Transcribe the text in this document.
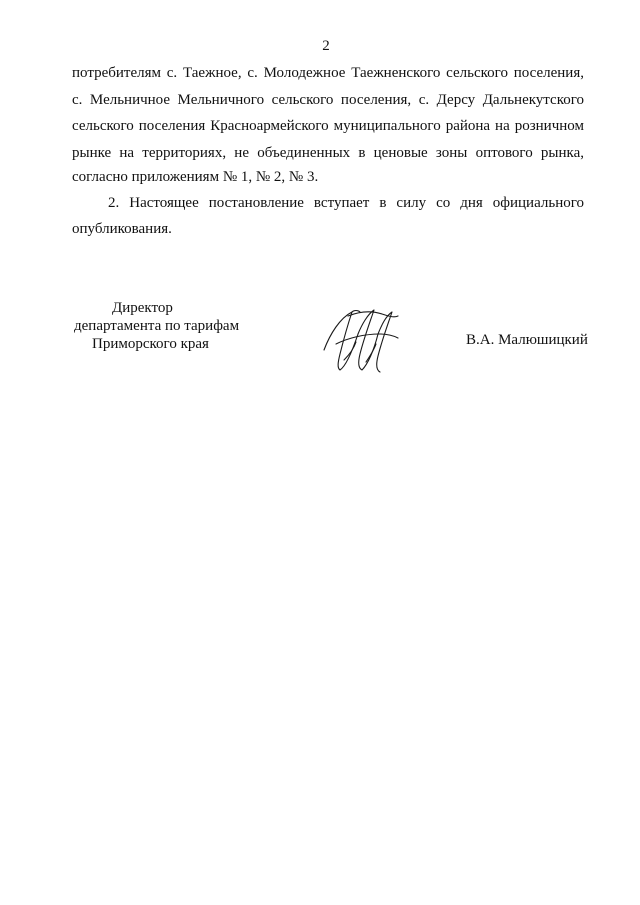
2
потребителям с. Таежное, с. Молодежное Таежненского сельского поселения,
с. Мельничное Мельничного сельского поселения, с. Дерсу Дальнекутского
сельского поселения Красноармейского муниципального района на розничном
рынке на территориях, не объединенных в ценовые зоны оптового рынка,
согласно приложениям № 1, № 2, № 3.
2. Настоящее постановление вступает в силу со дня официального
опубликования.
Директор
департамента по тарифам
Приморского края	В.А. Малюшицкий
